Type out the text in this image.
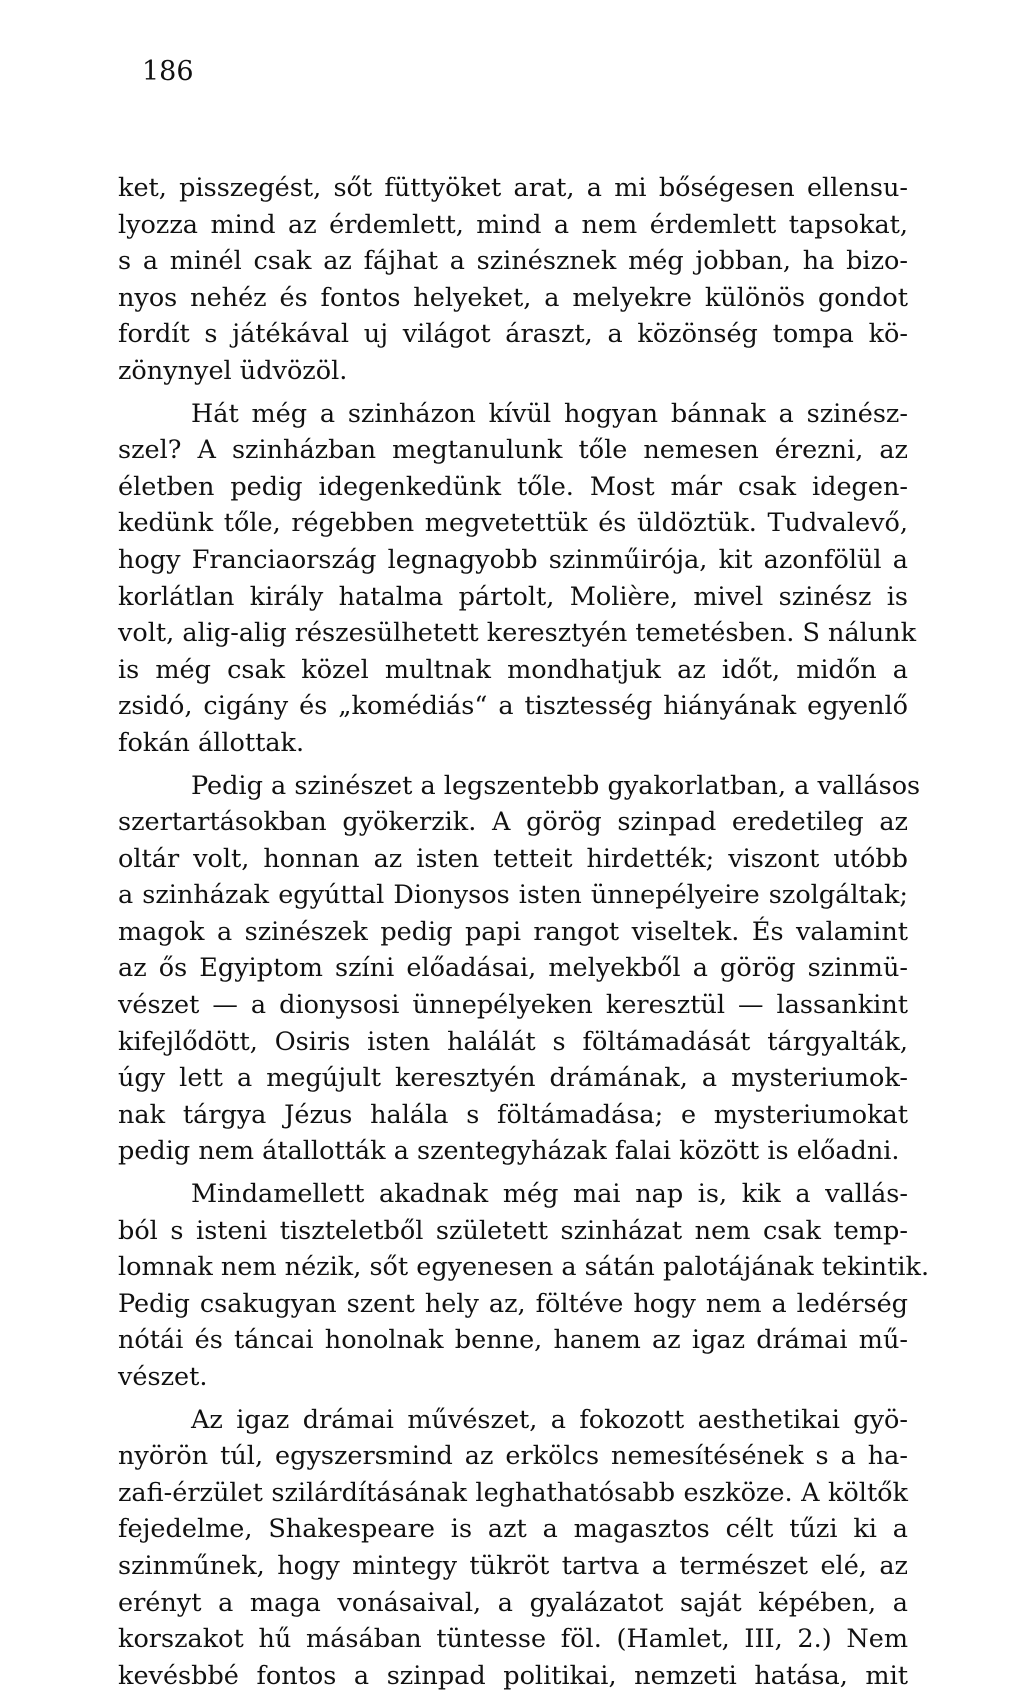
186
ket, pisszegést, sőt füttyöket arat, a mi bőségesen ellensu-
lyozza mind az érdemlett, mind a nem érdemlett tapsokat,
s a minél csak az fájhat a szinésznek még jobban, ha bizo-
nyos nehéz és fontos helyeket, a melyekre különös gondot
fordít s játékával uj világot áraszt, a közönség tompa kö-
zönynyel üdvözöl.
Hát még a szinházon kívül hogyan bánnak a szinész-
szel? A szinházban megtanulunk tőle nemesen érezni, az
életben pedig idegenkedünk tőle. Most már csak idegen-
kedünk tőle, régebben megvetettük és üldöztük. Tudvalevő,
hogy Franciaország legnagyobb szinműirója, kit azonfölül a
korlátlan király hatalma pártolt, Molière, mivel szinész is
volt, alig-alig részesülhetett keresztyén temetésben. S nálunk
is még csak közel multnak mondhatjuk az időt, midőn a
zsidó, cigány és „komédiás“ a tisztesség hiányának egyenlő
fokán állottak.
Pedig a szinészet a legszentebb gyakorlatban, a vallásos
szertartásokban gyökerzik. A görög szinpad eredetileg az
oltár volt, honnan az isten tetteit hirdették; viszont utóbb
a szinházak egyúttal Dionysos isten ünnepélyeire szolgáltak;
magok a szinészek pedig papi rangot viseltek. És valamint
az ős Egyiptom színi előadásai, melyekből a görög szinmü-
vészet — a dionysosi ünnepélyeken keresztül — lassankint
kifejlődött, Osiris isten halálát s föltámadását tárgyalták,
úgy lett a megújult keresztyén drámának, a mysteriumok-
nak tárgya Jézus halála s föltámadása; e mysteriumokat
pedig nem átallották a szentegyházak falai között is előadni.
Mindamellett akadnak még mai nap is, kik a vallás-
ból s isteni tiszteletből született szinházat nem csak temp-
lomnak nem nézik, sőt egyenesen a sátán palotájának tekintik.
Pedig csakugyan szent hely az, föltéve hogy nem a ledérség
nótái és táncai honolnak benne, hanem az igaz drámai mű-
vészet.
Az igaz drámai művészet, a fokozott aesthetikai gyö-
nyörön túl, egyszersmind az erkölcs nemesítésének s a ha-
zafi-érzület szilárdításának leghathatósabb eszköze. A költők
fejedelme, Shakespeare is azt a magasztos célt tűzi ki a
szinműnek, hogy mintegy tükröt tartva a természet elé, az
erényt a maga vonásaival, a gyalázatot saját képében, a
korszakot hű másában tüntesse föl. (Hamlet, III, 2.) Nem
kevésbbé fontos a szinpad politikai, nemzeti hatása, mit
